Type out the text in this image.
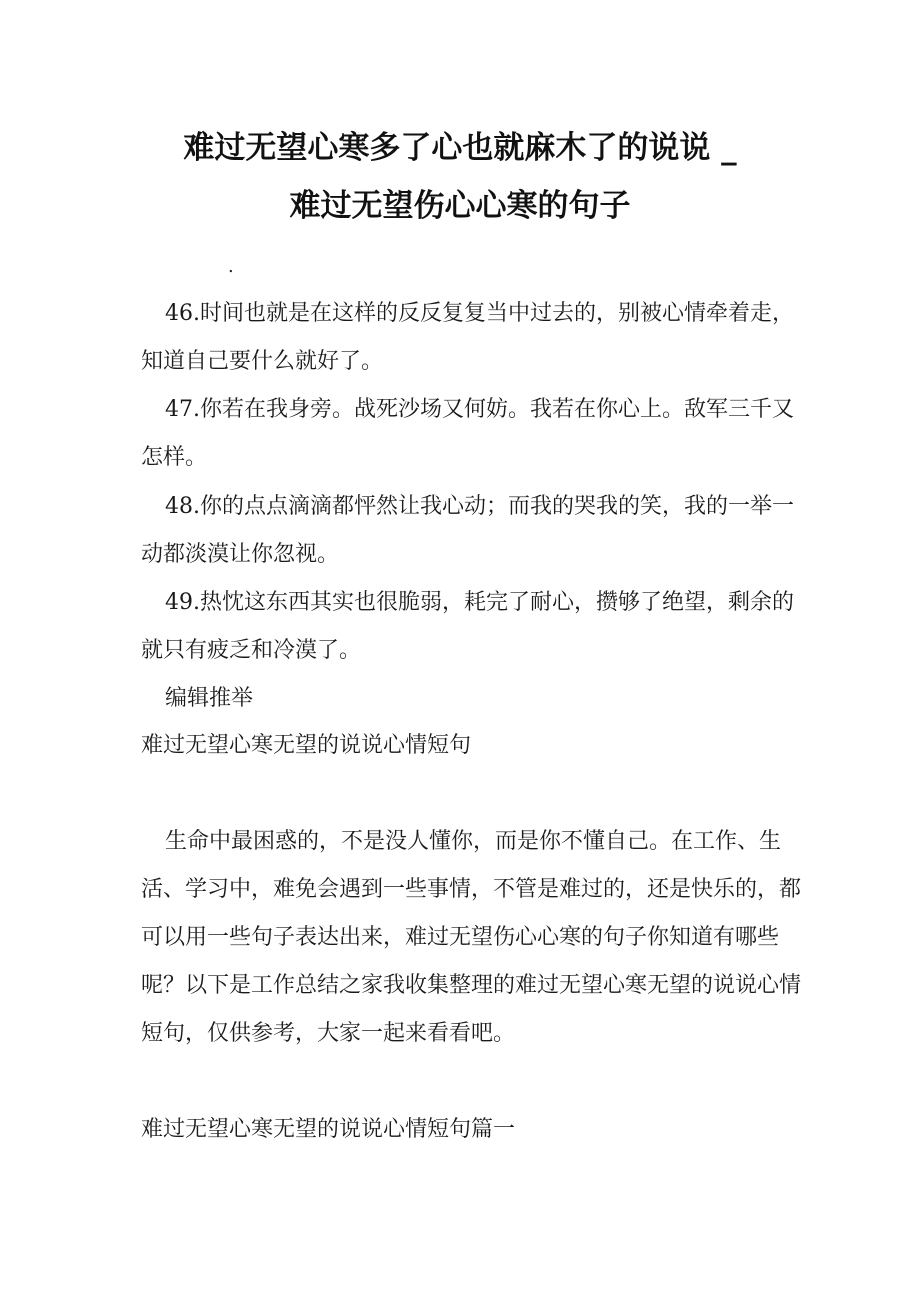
难过无望心寒多了心也就麻木了的说说 _
难过无望伤心心寒的句子
.

46.时间也就是在这样的反反复复当中过去的，别被心情牵着走，知道自己要什么就好了。

47.你若在我身旁。战死沙场又何妨。我若在你心上。敌军三千又怎样。

48.你的点点滴滴都怦然让我心动；而我的哭我的笑，我的一举一动都淡漠让你忽视。

49.热忱这东西其实也很脆弱，耗完了耐心，攒够了绝望，剩余的就只有疲乏和冷漠了。

编辑推举
难过无望心寒无望的说说心情短句

生命中最困惑的，不是没人懂你，而是你不懂自己。在工作、生活、学习中，难免会遇到一些事情，不管是难过的，还是快乐的，都可以用一些句子表达出来，难过无望伤心心寒的句子你知道有哪些呢？以下是工作总结之家我收集整理的难过无望心寒无望的说说心情短句，仅供参考，大家一起来看看吧。

难过无望心寒无望的说说心情短句篇一
